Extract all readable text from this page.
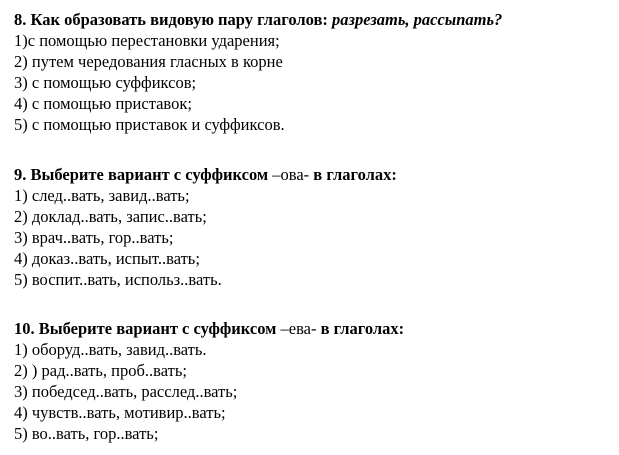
8. Как образовать видовую пару глаголов: разрезать, рассыпать?

1)с помощью перестановки ударения;
2) путем чередования гласных в корне
3) с помощью суффиксов;
4) с помощью приставок;
5) с помощью приставок и суффиксов.

9. Выберите вариант с суффиксом –ова- в глаголах:

1) след..вать, завид..вать;
2) доклад..вать, запис..вать;
3) врач..вать, гор..вать;
4) доказ..вать, испыт..вать;
5) воспит..вать, использ..вать.

10. Выберите вариант с суффиксом –ева- в глаголах:

1) оборуд..вать, завид..вать.
2) ) рад..вать, проб..вать;
3) победсед..вать, расслед..вать;
4) чувств..вать, мотивир..вать;
5) во..вать, гор..вать;
